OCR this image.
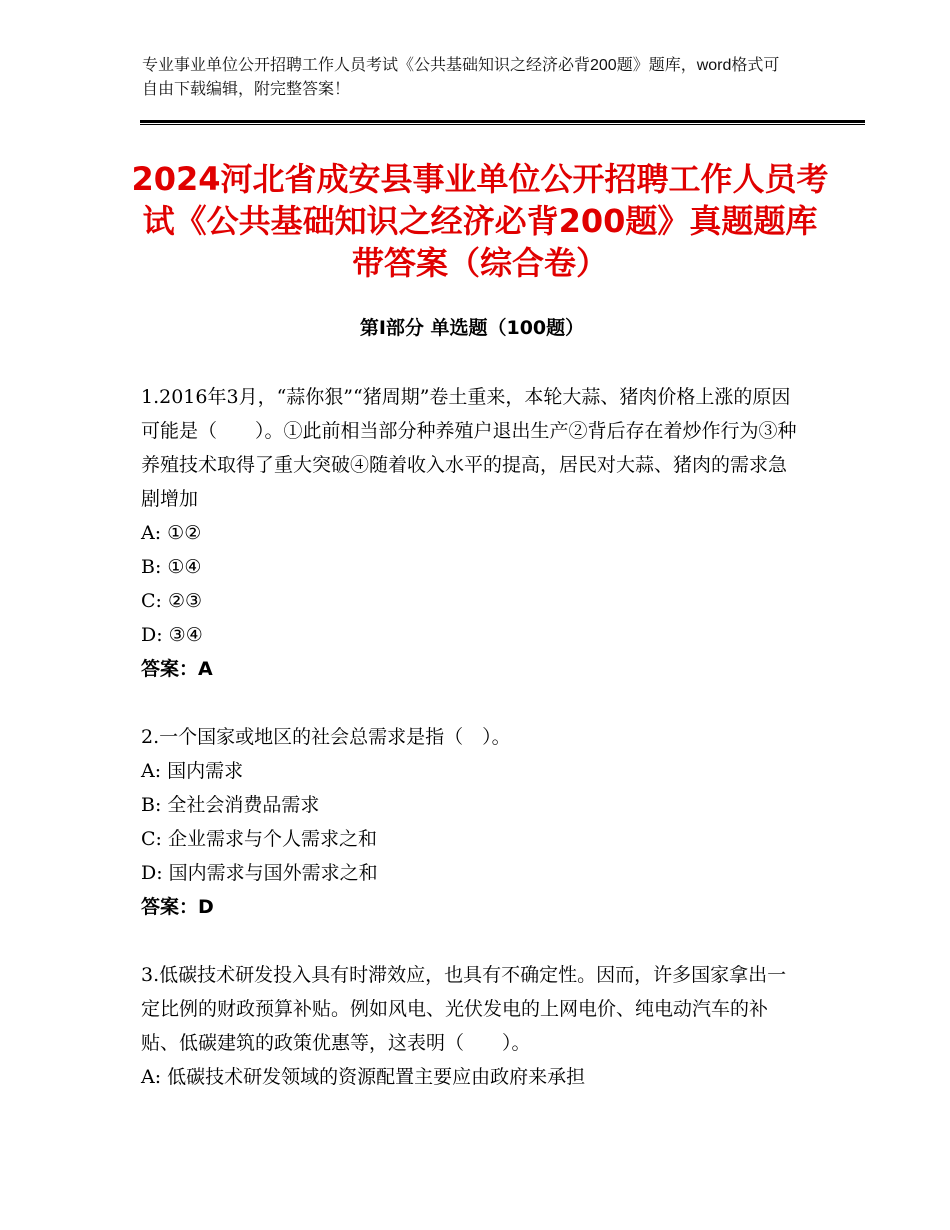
专业事业单位公开招聘工作人员考试《公共基础知识之经济必背200题》题库，word格式可自由下载编辑，附完整答案！
2024河北省成安县事业单位公开招聘工作人员考试《公共基础知识之经济必背200题》真题题库带答案（综合卷）
第Ⅰ部分 单选题（100题）

1.2016年3月，“蒜你狠”“猪周期”卷土重来，本轮大蒜、猪肉价格上涨的原因可能是（　　）。①此前相当部分种养殖户退出生产②背后存在着炒作行为③种养殖技术取得了重大突破④随着收入水平的提高，居民对大蒜、猪肉的需求急剧增加

A: ①②

B: ①④

C: ②③

D: ③④

答案：A

2.一个国家或地区的社会总需求是指（　）。

A: 国内需求

B: 全社会消费品需求

C: 企业需求与个人需求之和

D: 国内需求与国外需求之和

答案：D

3.低碳技术研发投入具有时滞效应，也具有不确定性。因而，许多国家拿出一定比例的财政预算补贴。例如风电、光伏发电的上网电价、纯电动汽车的补贴、低碳建筑的政策优惠等，这表明（　　）。

A: 低碳技术研发领域的资源配置主要应由政府来承担
